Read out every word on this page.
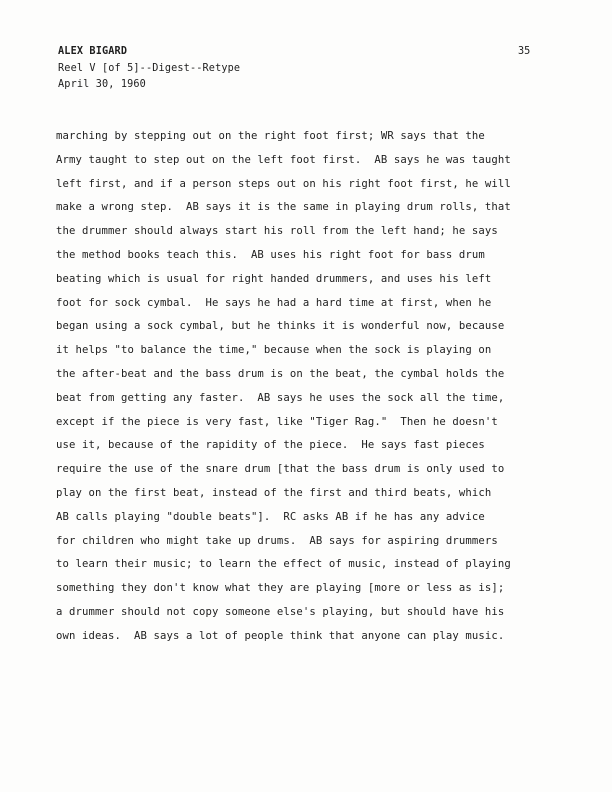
ALEX BIGARD
Reel V [of 5]--Digest--Retype
April 30, 1960
35
marching by stepping out on the right foot first; WR says that the
Army taught to step out on the left foot first.  AB says he was taught
left first, and if a person steps out on his right foot first, he will
make a wrong step.  AB says it is the same in playing drum rolls, that
the drummer should always start his roll from the left hand; he says
the method books teach this.  AB uses his right foot for bass drum
beating which is usual for right handed drummers, and uses his left
foot for sock cymbal.  He says he had a hard time at first, when he
began using a sock cymbal, but he thinks it is wonderful now, because
it helps "to balance the time," because when the sock is playing on
the after-beat and the bass drum is on the beat, the cymbal holds the
beat from getting any faster.  AB says he uses the sock all the time,
except if the piece is very fast, like "Tiger Rag."  Then he doesn't
use it, because of the rapidity of the piece.  He says fast pieces
require the use of the snare drum [that the bass drum is only used to
play on the first beat, instead of the first and third beats, which
AB calls playing "double beats"].  RC asks AB if he has any advice
for children who might take up drums.  AB says for aspiring drummers
to learn their music; to learn the effect of music, instead of playing
something they don't know what they are playing [more or less as is];
a drummer should not copy someone else's playing, but should have his
own ideas.  AB says a lot of people think that anyone can play music.
